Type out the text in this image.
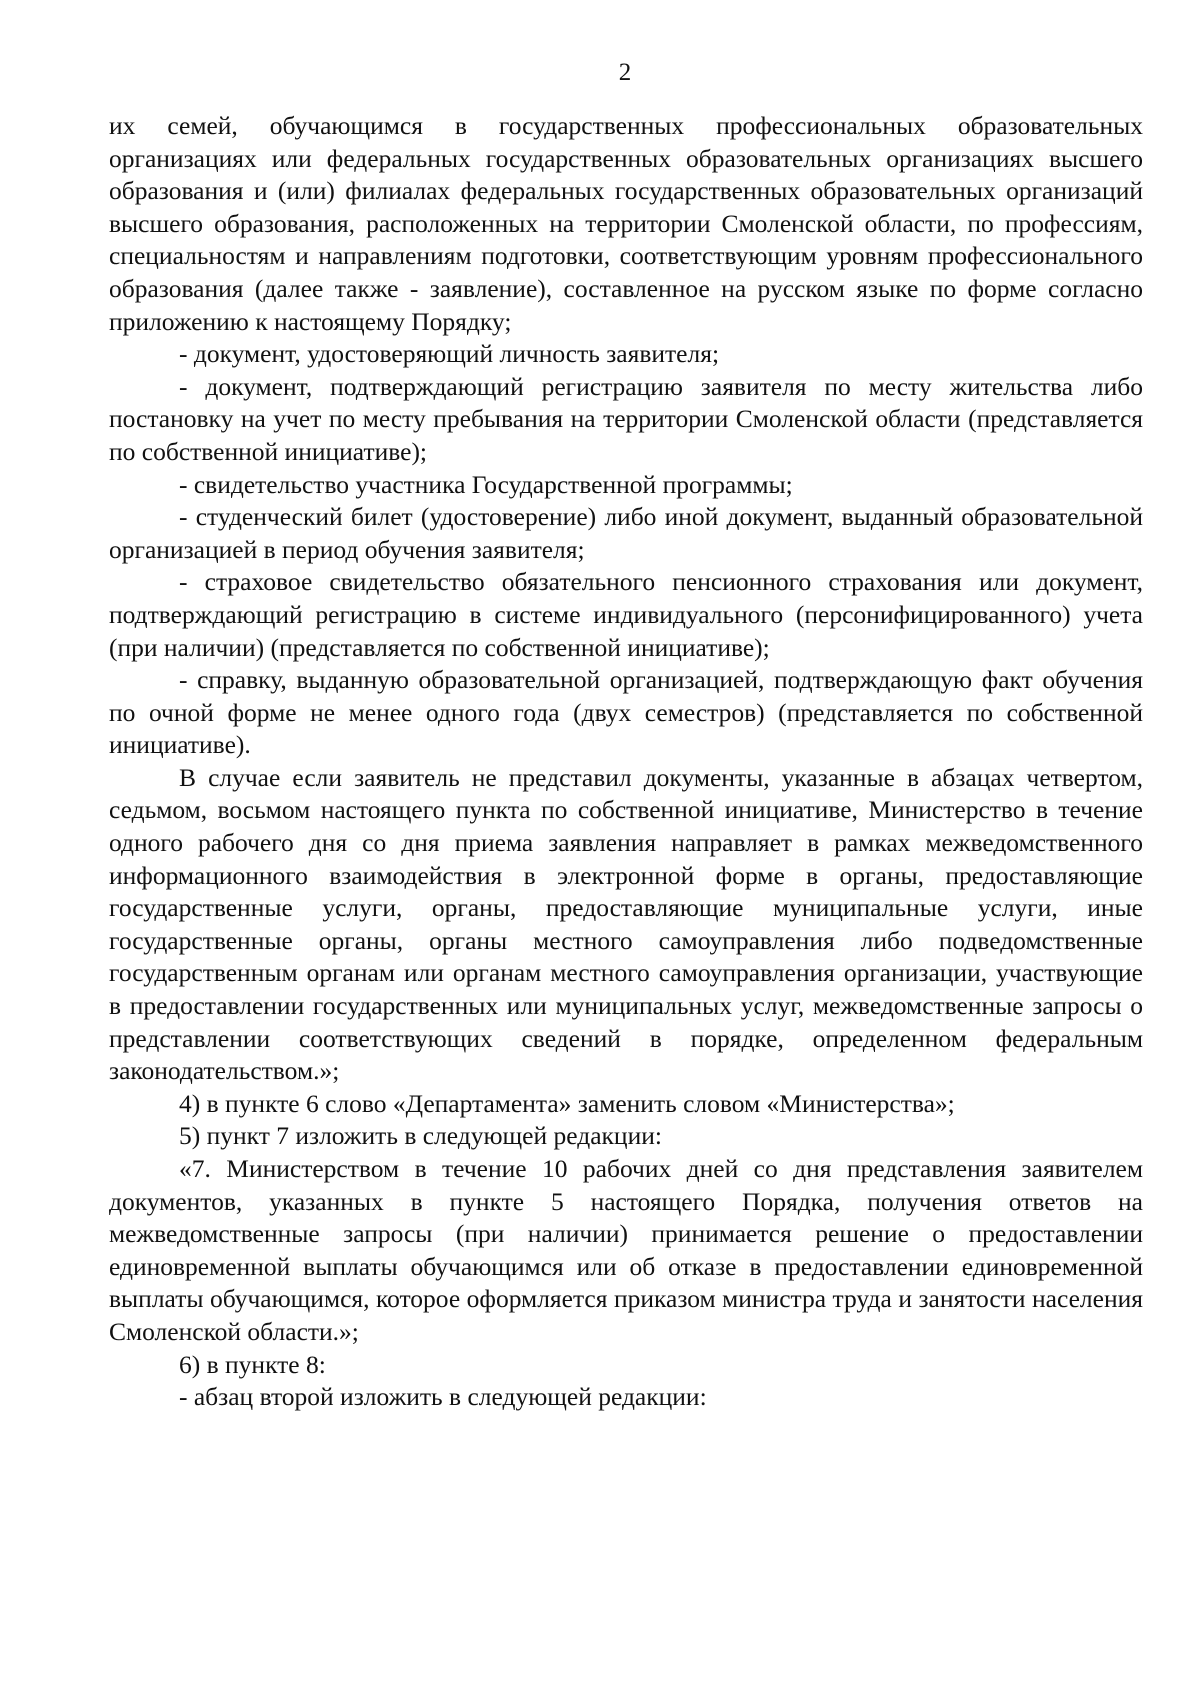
2

их семей, обучающимся в государственных профессиональных образовательных организациях или федеральных государственных образовательных организациях высшего образования и (или) филиалах федеральных государственных образовательных организаций высшего образования, расположенных на территории Смоленской области, по профессиям, специальностям и направлениям подготовки, соответствующим уровням профессионального образования (далее также - заявление), составленное на русском языке по форме согласно приложению к настоящему Порядку;

- документ, удостоверяющий личность заявителя;

- документ, подтверждающий регистрацию заявителя по месту жительства либо постановку на учет по месту пребывания на территории Смоленской области (представляется по собственной инициативе);

- свидетельство участника Государственной программы;

- студенческий билет (удостоверение) либо иной документ, выданный образовательной организацией в период обучения заявителя;

- страховое свидетельство обязательного пенсионного страхования или документ, подтверждающий регистрацию в системе индивидуального (персонифицированного) учета (при наличии) (представляется по собственной инициативе);

- справку, выданную образовательной организацией, подтверждающую факт обучения по очной форме не менее одного года (двух семестров) (представляется по собственной инициативе).

В случае если заявитель не представил документы, указанные в абзацах четвертом, седьмом, восьмом настоящего пункта по собственной инициативе, Министерство в течение одного рабочего дня со дня приема заявления направляет в рамках межведомственного информационного взаимодействия в электронной форме в органы, предоставляющие государственные услуги, органы, предоставляющие муниципальные услуги, иные государственные органы, органы местного самоуправления либо подведомственные государственным органам или органам местного самоуправления организации, участвующие в предоставлении государственных или муниципальных услуг, межведомственные запросы о представлении соответствующих сведений в порядке, определенном федеральным законодательством.»;

4) в пункте 6 слово «Департамента» заменить словом «Министерства»;

5) пункт 7 изложить в следующей редакции:

«7. Министерством в течение 10 рабочих дней со дня представления заявителем документов, указанных в пункте 5 настоящего Порядка, получения ответов на межведомственные запросы (при наличии) принимается решение о предоставлении единовременной выплаты обучающимся или об отказе в предоставлении единовременной выплаты обучающимся, которое оформляется приказом министра труда и занятости населения Смоленской области.»;

6) в пункте 8:

- абзац второй изложить в следующей редакции:
